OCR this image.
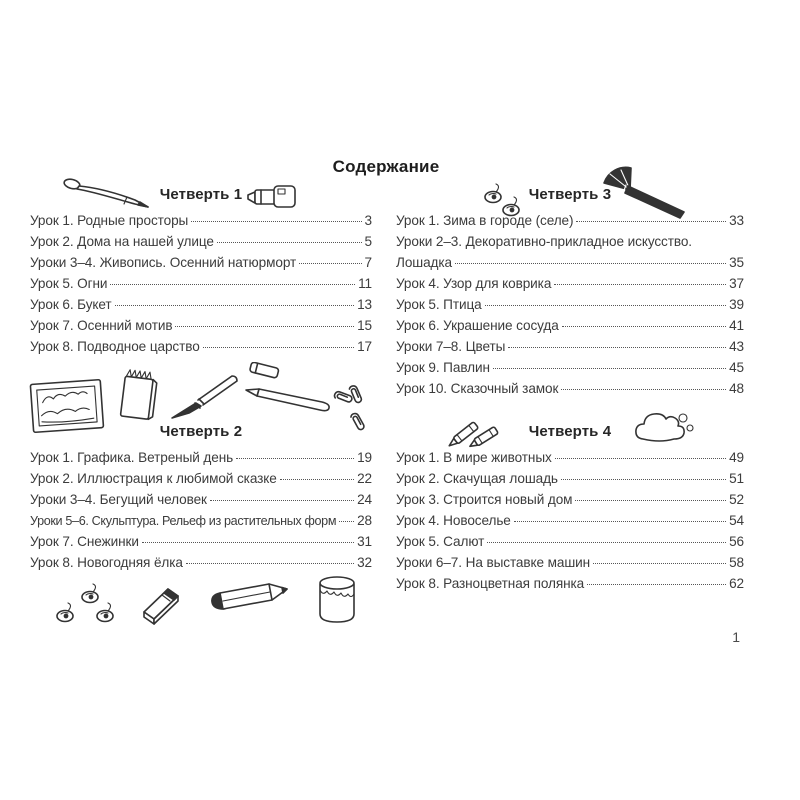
Содержание
Четверть 1
Четверть 2
Четверть 3
Четверть 4
Урок 1. Родные просторы	3
Урок 2. Дома на нашей улице	5
Уроки 3–4. Живопись. Осенний натюрморт	7
Урок 5. Огни	11
Урок 6. Букет	13
Урок 7. Осенний мотив	15
Урок 8. Подводное царство	17
Урок 1. Графика. Ветреный день	19
Урок 2. Иллюстрация к любимой сказке	22
Уроки 3–4. Бегущий человек	24
Уроки 5–6. Скульптура. Рельеф из растительных форм 28
Урок 7. Снежинки	31
Урок 8. Новогодняя ёлка	32
Урок 1. Зима в городе (селе)	33
Уроки 2–3. Декоративно-прикладное искусство.
Лошадка	35
Урок 4. Узор для коврика	37
Урок 5. Птица	39
Урок 6. Украшение сосуда	41
Уроки 7–8. Цветы	43
Урок 9. Павлин	45
Урок 10. Сказочный замок	48
Урок 1. В мире животных	49
Урок 2. Скачущая лошадь	51
Урок 3. Строится новый дом	52
Урок 4. Новоселье	54
Урок 5. Салют	56
Уроки 6–7. На выставке машин	58
Урок 8. Разноцветная полянка	62
1
